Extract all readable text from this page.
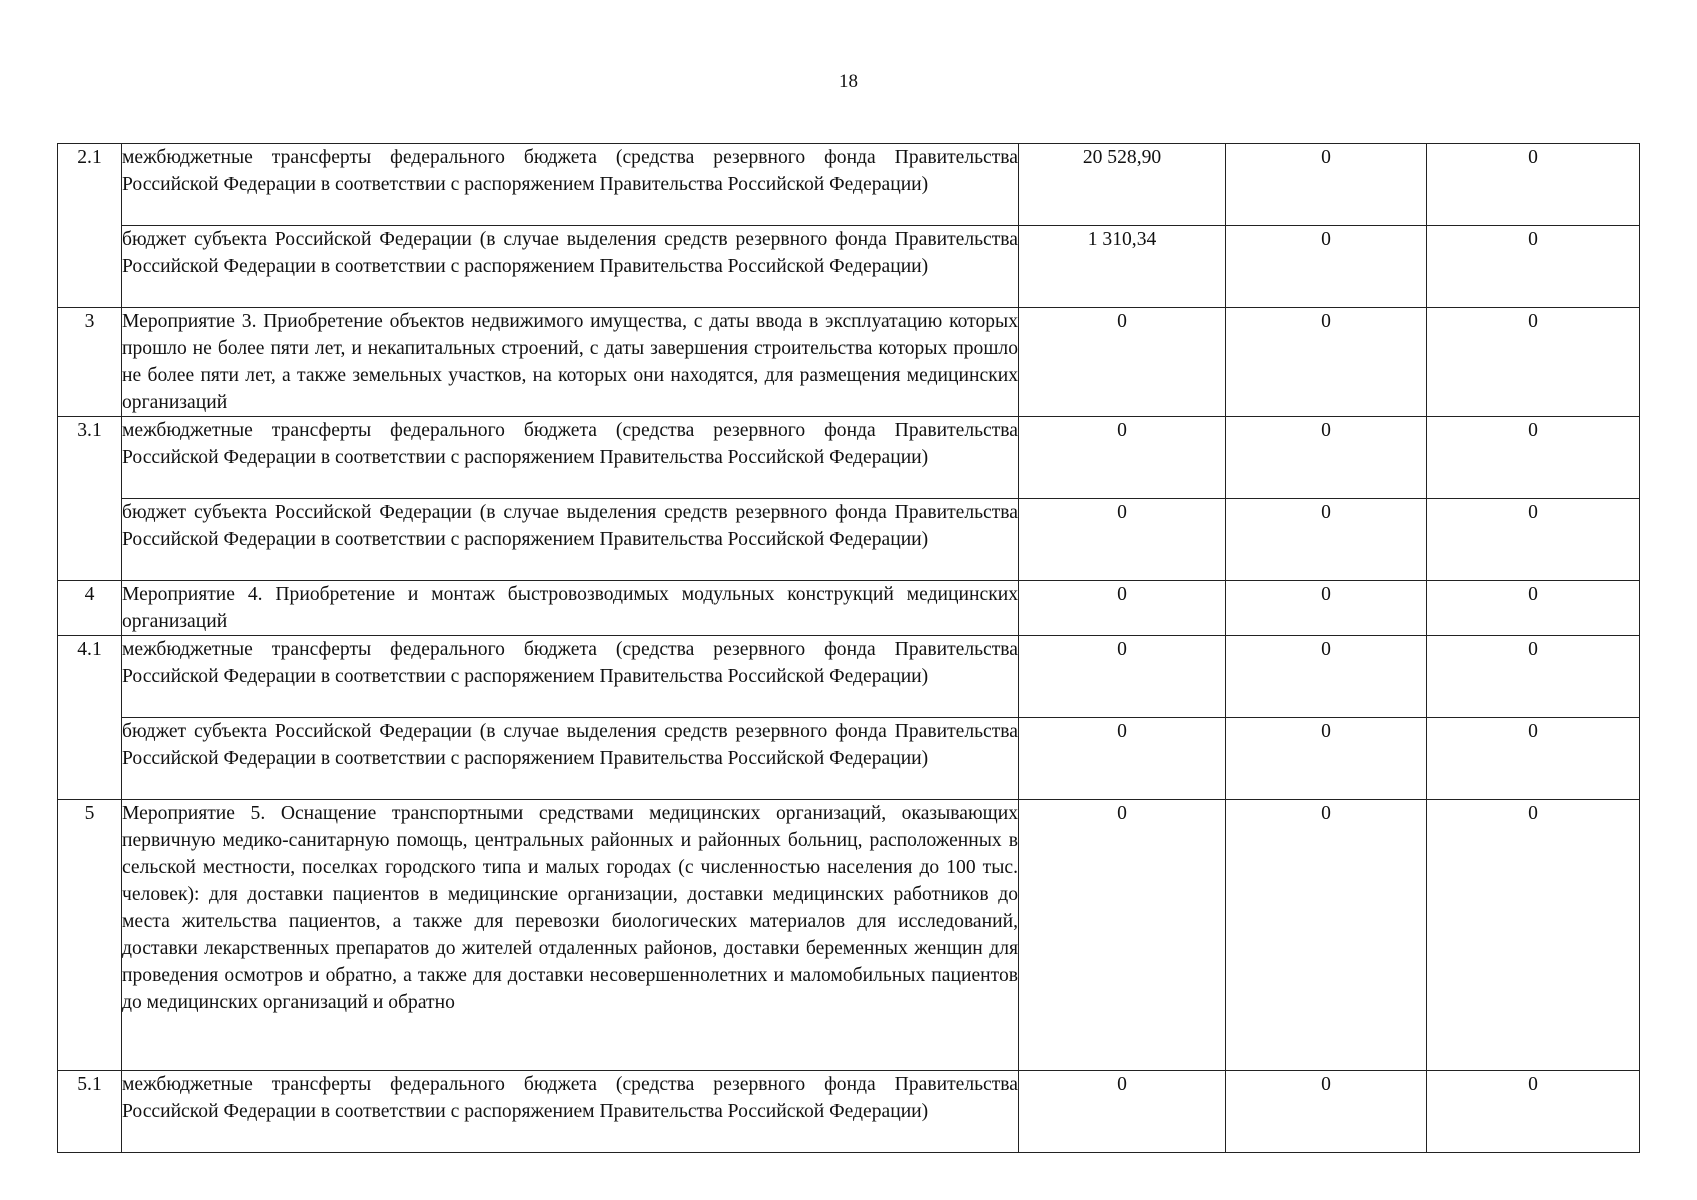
18
2.1	межбюджетные трансферты федерального бюджета (средства резервного фонда Правительства Российской Федерации в соответствии с распоряжением Правительства Российской Федерации)	20 528,90	0	0
	бюджет субъекта Российской Федерации (в случае выделения средств резервного фонда Правительства Российской Федерации в соответствии с распоряжением Правительства Российской Федерации)	1 310,34	0	0
3	Мероприятие 3. Приобретение объектов недвижимого имущества, с даты ввода в эксплуатацию которых прошло не более пяти лет, и некапитальных строений, с даты завершения строительства которых прошло не более пяти лет, а также земельных участков, на которых они находятся, для размещения медицинских организаций	0	0	0
3.1	межбюджетные трансферты федерального бюджета (средства резервного фонда Правительства Российской Федерации в соответствии с распоряжением Правительства Российской Федерации)	0	0	0
	бюджет субъекта Российской Федерации (в случае выделения средств резервного фонда Правительства Российской Федерации в соответствии с распоряжением Правительства Российской Федерации)	0	0	0
4	Мероприятие 4. Приобретение и монтаж быстровозводимых модульных конструкций медицинских организаций	0	0	0
4.1	межбюджетные трансферты федерального бюджета (средства резервного фонда Правительства Российской Федерации в соответствии с распоряжением Правительства Российской Федерации)	0	0	0
	бюджет субъекта Российской Федерации (в случае выделения средств резервного фонда Правительства Российской Федерации в соответствии с распоряжением Правительства Российской Федерации)	0	0	0
5	Мероприятие 5. Оснащение транспортными средствами медицинских организаций, оказывающих первичную медико-санитарную помощь, центральных районных и районных больниц, расположенных в сельской местности, поселках городского типа и малых городах (с численностью населения до 100 тыс. человек): для доставки пациентов в медицинские организации, доставки медицинских работников до места жительства пациентов, а также для перевозки биологических материалов для исследований, доставки лекарственных препаратов до жителей отдаленных районов, доставки беременных женщин для проведения осмотров и обратно, а также для доставки несовершеннолетних и маломобильных пациентов до медицинских организаций и обратно	0	0	0
5.1	межбюджетные трансферты федерального бюджета (средства резервного фонда Правительства Российской Федерации в соответствии с распоряжением Правительства Российской Федерации)	0	0	0
